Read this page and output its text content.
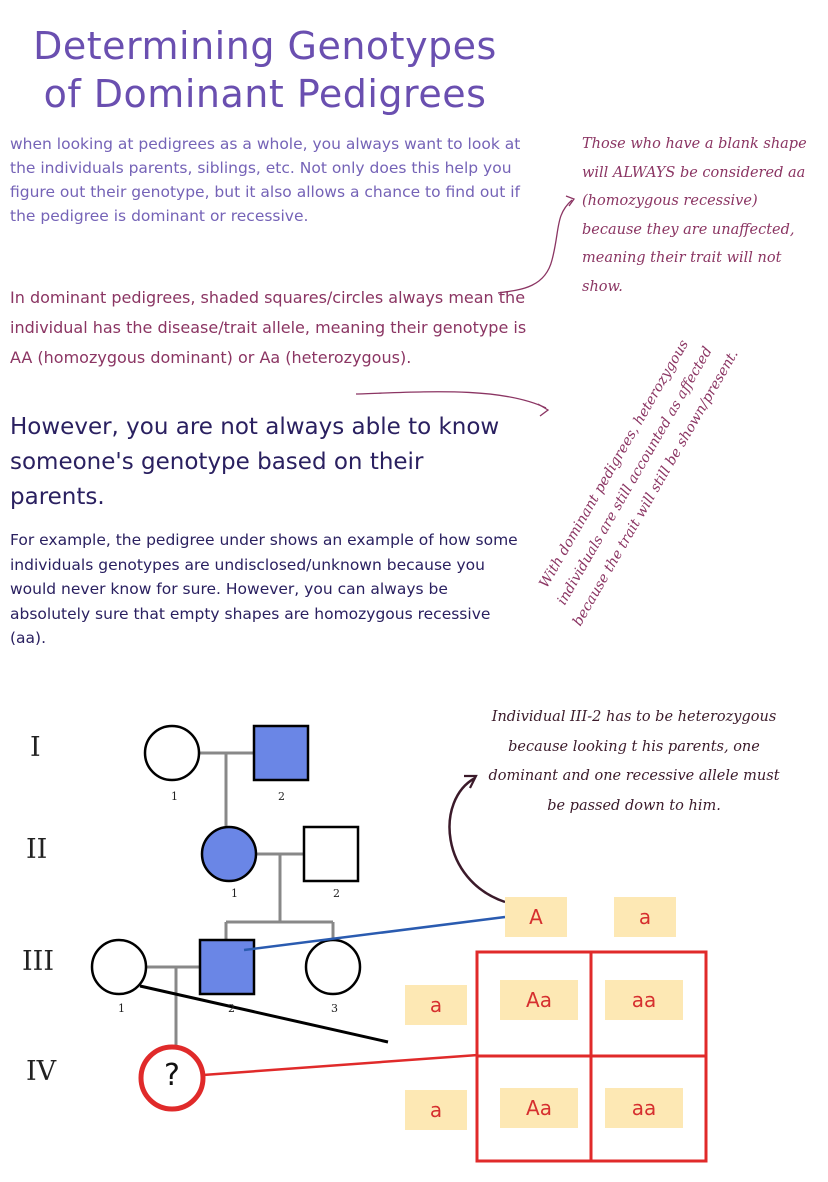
Determining Genotypes
of Dominant Pedigrees
when looking at pedigrees as a whole, you always want to look at the individuals parents, siblings, etc. Not only does this help you figure out their genotype, but it also allows a chance to find out if the pedigree is dominant or recessive.
In dominant pedigrees, shaded squares/circles always mean the individual has the disease/trait allele, meaning their genotype is AA (homozygous dominant) or Aa (heterozygous).
However, you are not always able to know someone's genotype based on their parents.
For example, the pedigree under shows an example of how some individuals genotypes are undisclosed/unknown because you would never know for sure. However, you can always be absolutely sure that empty shapes are homozygous recessive (aa).
Those who have a blank shape will ALWAYS be considered aa (homozygous recessive) because they are unaffected, meaning their trait will not show.
With dominant pedigrees, heterozygous individuals are still accounted as affected because the trait will still be shown/present.
Individual III-2 has to be heterozygous because looking t his parents, one dominant and one recessive allele must be passed down to him.
I
II
III
IV
1	2
1	2
1	2	3
?
A	a
a
a
Aa	aa
Aa	aa
